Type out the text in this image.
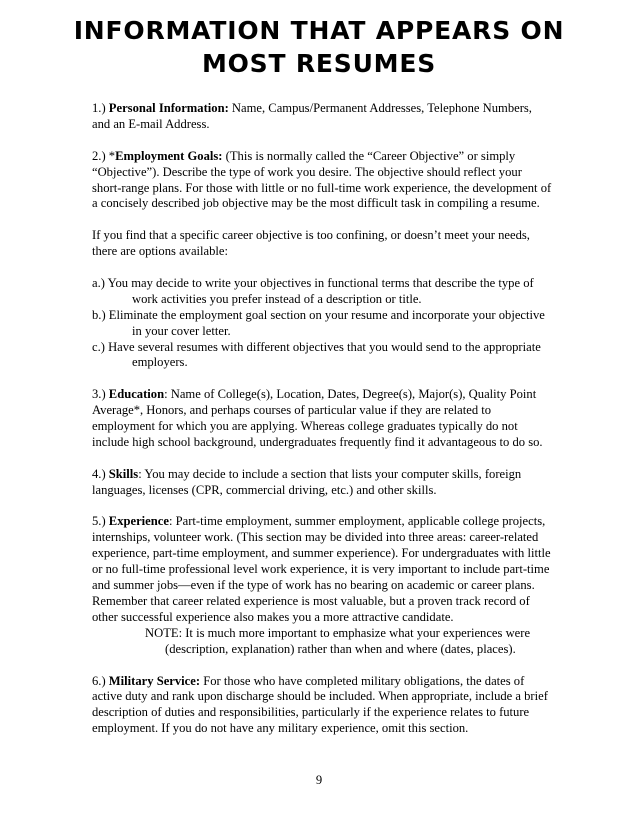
INFORMATION THAT APPEARS ON
MOST RESUMES

1.) Personal Information: Name, Campus/Permanent Addresses, Telephone Numbers, and an E-mail Address.

2.) *Employment Goals: (This is normally called the “Career Objective” or simply “Objective”). Describe the type of work you desire. The objective should reflect your short-range plans. For those with little or no full-time work experience, the development of a concisely described job objective may be the most difficult task in compiling a resume.

If you find that a specific career objective is too confining, or doesn’t meet your needs, there are options available:

a.) You may decide to write your objectives in functional terms that describe the type of work activities you prefer instead of a description or title.
b.) Eliminate the employment goal section on your resume and incorporate your objective in your cover letter.
c.) Have several resumes with different objectives that you would send to the appropriate employers.

3.) Education: Name of College(s), Location, Dates, Degree(s), Major(s), Quality Point Average*, Honors, and perhaps courses of particular value if they are related to employment for which you are applying. Whereas college graduates typically do not include high school background, undergraduates frequently find it advantageous to do so.

4.) Skills: You may decide to include a section that lists your computer skills, foreign languages, licenses (CPR, commercial driving, etc.) and other skills.

5.) Experience: Part-time employment, summer employment, applicable college projects, internships, volunteer work. (This section may be divided into three areas: career-related experience, part-time employment, and summer experience). For undergraduates with little or no full-time professional level work experience, it is very important to include part-time and summer jobs—even if the type of work has no bearing on academic or career plans. Remember that career related experience is most valuable, but a proven track record of other successful experience also makes you a more attractive candidate.

NOTE: It is much more important to emphasize what your experiences were
(description, explanation) rather than when and where (dates, places).

6.) Military Service: For those who have completed military obligations, the dates of active duty and rank upon discharge should be included. When appropriate, include a brief description of duties and responsibilities, particularly if the experience relates to future employment. If you do not have any military experience, omit this section.

9
